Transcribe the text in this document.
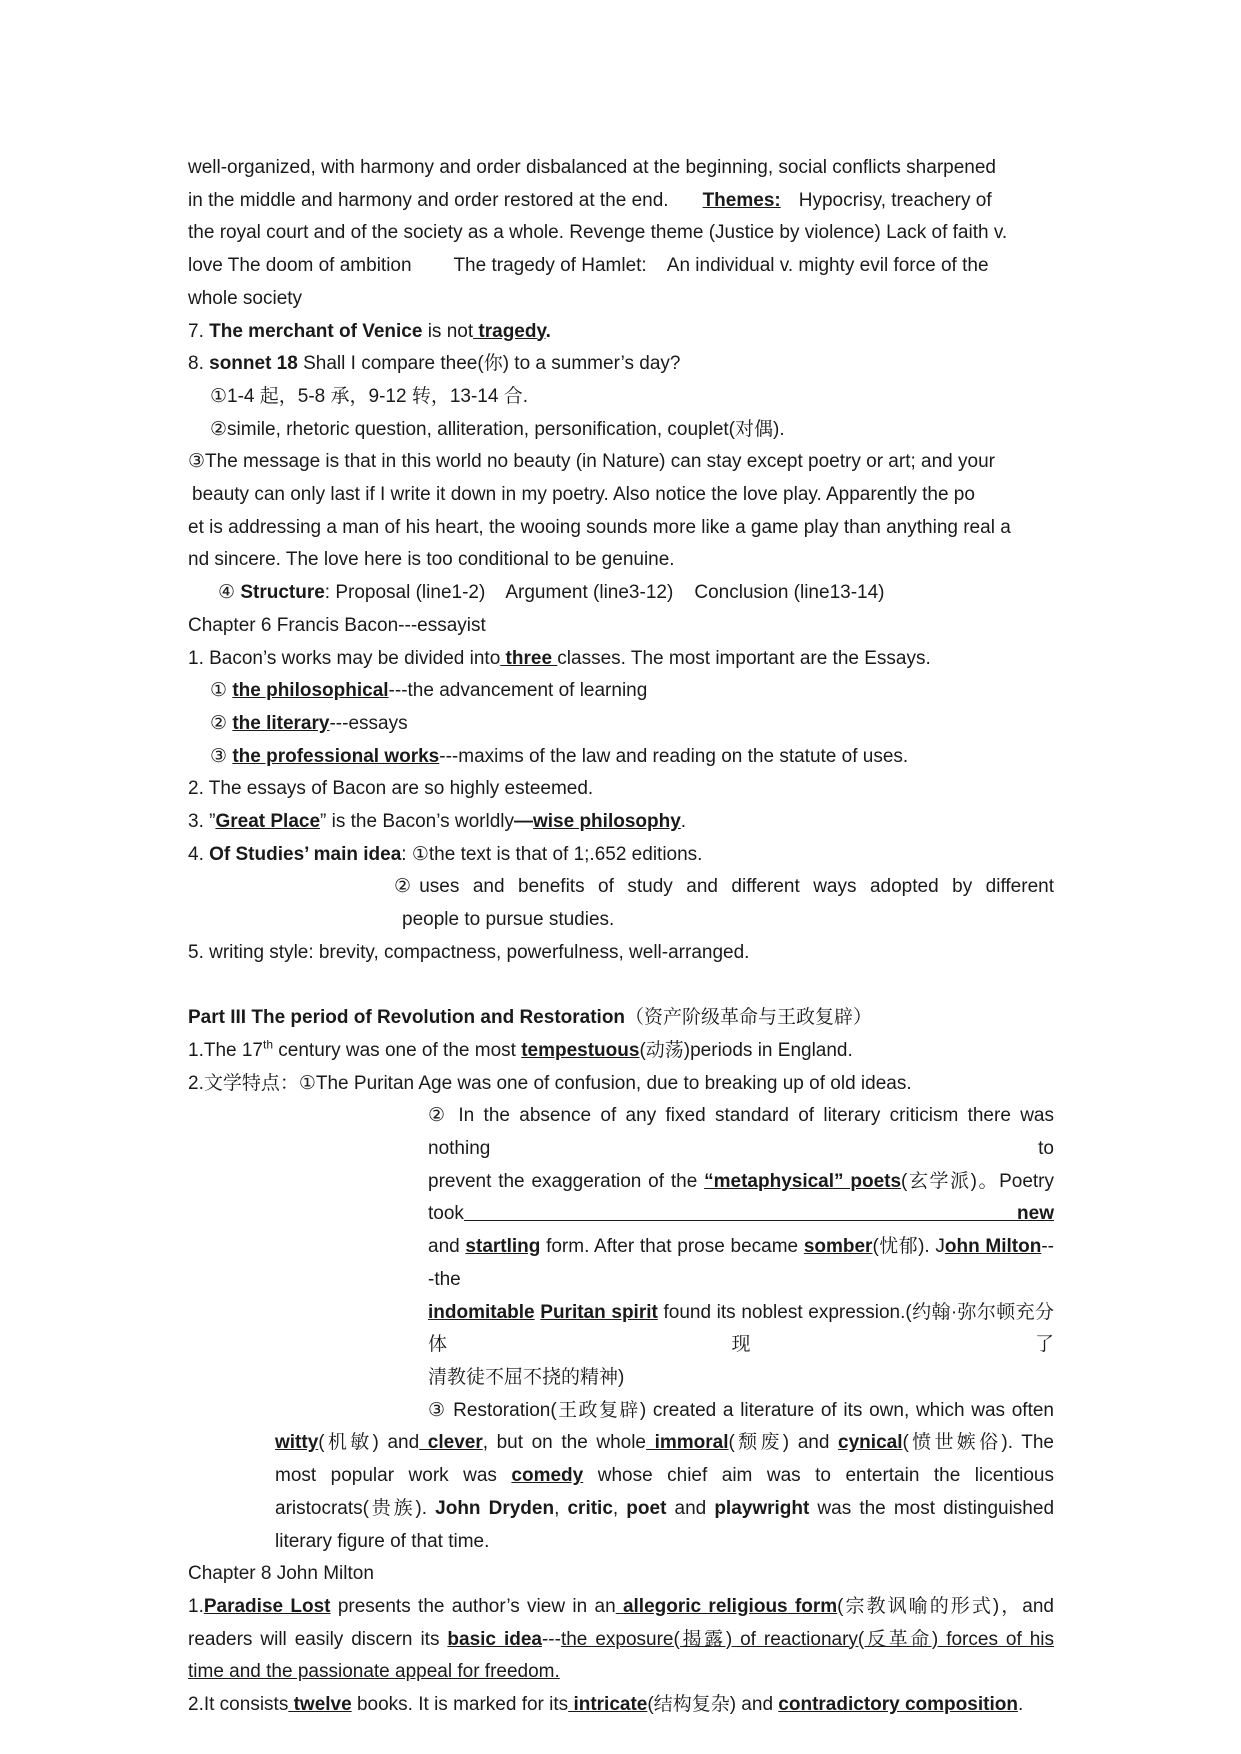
well-organized, with harmony and order disbalanced at the beginning, social conflicts sharpened
in the middle and harmony and order restored at the end. Themes: Hypocrisy, treachery of
the royal court and of the society as a whole. Revenge theme (Justice by violence) Lack of faith v.
love The doom of ambition        The tragedy of Hamlet:    An individual v. mighty evil force of the
whole society
7. The merchant of Venice is not tragedy.
8. sonnet 18 Shall I compare thee(你) to a summer’s day?
①1-4 起，5-8 承，9-12 转，13-14 合.
②simile, rhetoric question, alliteration, personification, couplet(对偶).
③The message is that in this world no beauty (in Nature) can stay except poetry or art; and your
beauty can only last if I write it down in my poetry. Also notice the love play. Apparently the po
et is addressing a man of his heart, the wooing sounds more like a game play than anything real a
nd sincere. The love here is too conditional to be genuine.
④ Structure: Proposal (line1-2)    Argument (line3-12)    Conclusion (line13-14)
Chapter 6 Francis Bacon---essayist
1. Bacon’s works may be divided into three classes. The most important are the Essays.
① the philosophical---the advancement of learning
② the literary---essays
③ the professional works---maxims of the law and reading on the statute of uses.
2. The essays of Bacon are so highly esteemed.
3. ”Great Place” is the Bacon’s worldly—wise philosophy.
4. Of Studies’ main idea: ①the text is that of 1;.652 editions.
②uses and benefits of study and different ways adopted by different
people to pursue studies.
5. writing style: brevity, compactness, powerfulness, well-arranged.
Part III The period of Revolution and Restoration（资产阶级革命与王政复辟）
1.The 17th century was one of the most tempestuous(动荡)periods in England.
2.文学特点：①The Puritan Age was one of confusion, due to breaking up of old ideas.
② In the absence of any fixed standard of literary criticism there was nothing to
prevent the exaggeration of the “metaphysical” poets(玄学派)。Poetry took new
and startling form. After that prose became somber(忧郁). John Milton---the
indomitable Puritan spirit found its noblest expression.(约翰·弥尔顿充分体现了
清教徒不屈不挠的精神)
③ Restoration(王政复辟) created a literature of its own, which was often
witty(机敏) and clever, but on the whole immoral(颓废) and cynical(愤世嫉俗). The
most popular work was comedy whose chief aim was to entertain the licentious
aristocrats(贵族). John Dryden, critic, poet and playwright was the most distinguished
literary figure of that time.
Chapter 8 John Milton
1.Paradise Lost presents the author’s view in an allegoric religious form(宗教讽喻的形式)，and
readers will easily discern its basic idea---the exposure(揭露) of reactionary(反革命) forces of his
time and the passionate appeal for freedom.
2.It consists twelve books. It is marked for its intricate(结构复杂) and contradictory composition.
